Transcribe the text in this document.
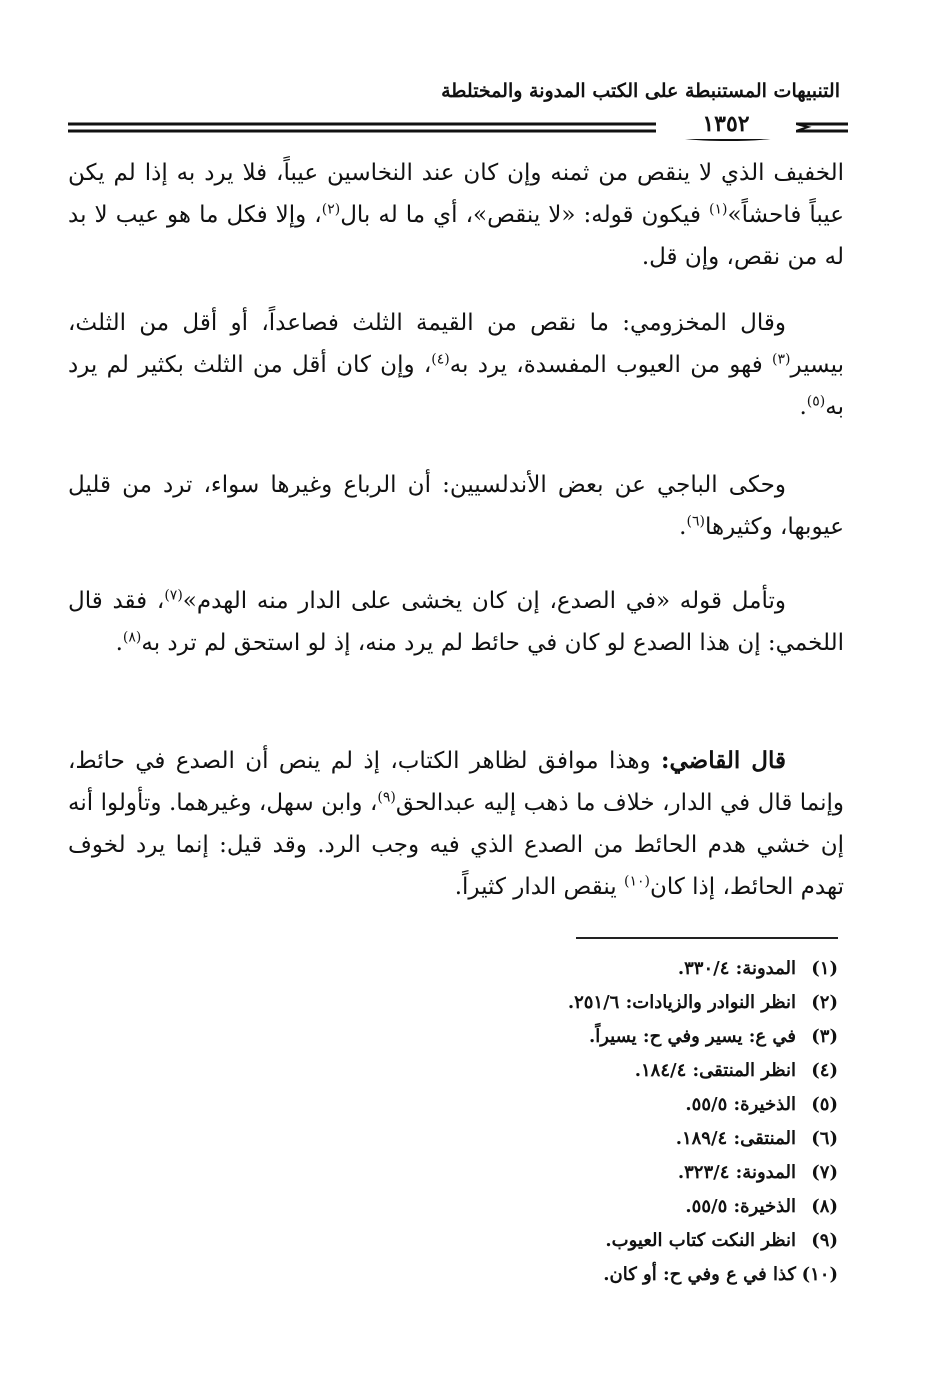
التنبيهات المستنبطة على الكتب المدونة والمختلطة
١٣٥٢

الخفيف الذي لا ينقص من ثمنه وإن كان عند النخاسين عيباً، فلا يرد به إذا لم يكن عيباً فاحشاً»$^{(١)}$ فيكون قوله: «لا ينقص»، أي ما له بال$^{(٢)}$، وإلا فكل ما هو عيب لا بد له من نقص، وإن قل.

وقال المخزومي: ما نقص من القيمة الثلث فصاعداً، أو أقل من الثلث، بيسير$^{(٣)}$ فهو من العيوب المفسدة، يرد به$^{(٤)}$، وإن كان أقل من الثلث بكثير لم يرد به$^{(٥)}$.

وحكى الباجي عن بعض الأندلسيين: أن الرباع وغيرها سواء، ترد من قليل عيوبها، وكثيرها$^{(٦)}$.

وتأمل قوله «في الصدع، إن كان يخشى على الدار منه الهدم»$^{(٧)}$، فقد قال اللخمي: إن هذا الصدع لو كان في حائط لم يرد منه، إذ لو استحق لم ترد به$^{(٨)}$.

قال القاضي: وهذا موافق لظاهر الكتاب، إذ لم ينص أن الصدع في حائط، وإنما قال في الدار، خلاف ما ذهب إليه عبدالحق$^{(٩)}$، وابن سهل، وغيرهما. وتأولوا أنه إن خشي هدم الحائط من الصدع الذي فيه وجب الرد. وقد قيل: إنما يرد لخوف تهدم الحائط، إذا كان$^{(١٠)}$ ينقص الدار كثيراً.

(١)المدونة: ٣٣٠/٤.
(٢)انظر النوادر والزيادات: ٢٥١/٦.
(٣)في ع: يسير وفي ح: يسيراً.
(٤)انظر المنتقى: ١٨٤/٤.
(٥)الذخيرة: ٥٥/٥.
(٦)المنتقى: ١٨٩/٤.
(٧)المدونة: ٣٢٣/٤.
(٨)الذخيرة: ٥٥/٥.
(٩)انظر النكت كتاب العيوب.
(١٠)كذا في ع وفي ح: أو كان.
